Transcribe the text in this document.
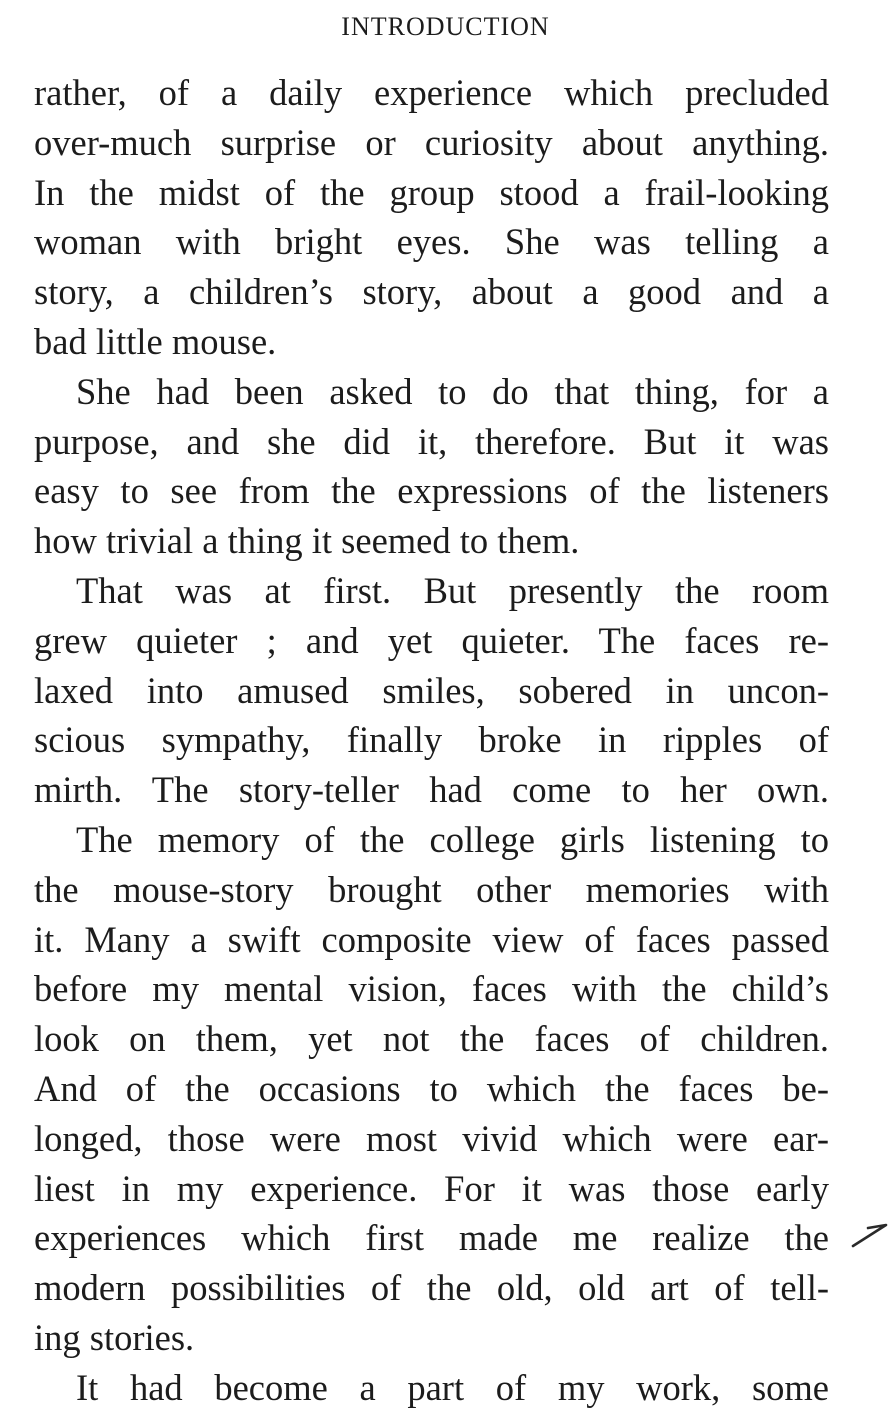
INTRODUCTION
rather, of a daily experience which precluded
over-much surprise or curiosity about anything.
In the midst of the group stood a frail-looking
woman with bright eyes. She was telling a
story, a children’s story, about a good and a
bad little mouse.
She had been asked to do that thing, for a
purpose, and she did it, therefore. But it was
easy to see from the expressions of the listeners
how trivial a thing it seemed to them.
That was at first. But presently the room
grew quieter ; and yet quieter. The faces re-
laxed into amused smiles, sobered in uncon-
scious sympathy, finally broke in ripples of
mirth. The story-teller had come to her own.
The memory of the college girls listening to
the mouse-story brought other memories with
it. Many a swift composite view of faces passed
before my mental vision, faces with the child’s
look on them, yet not the faces of children.
And of the occasions to which the faces be-
longed, those were most vivid which were ear-
liest in my experience. For it was those early
experiences which first made me realize the
modern possibilities of the old, old art of tell-
ing stories.
It had become a part of my work, some
